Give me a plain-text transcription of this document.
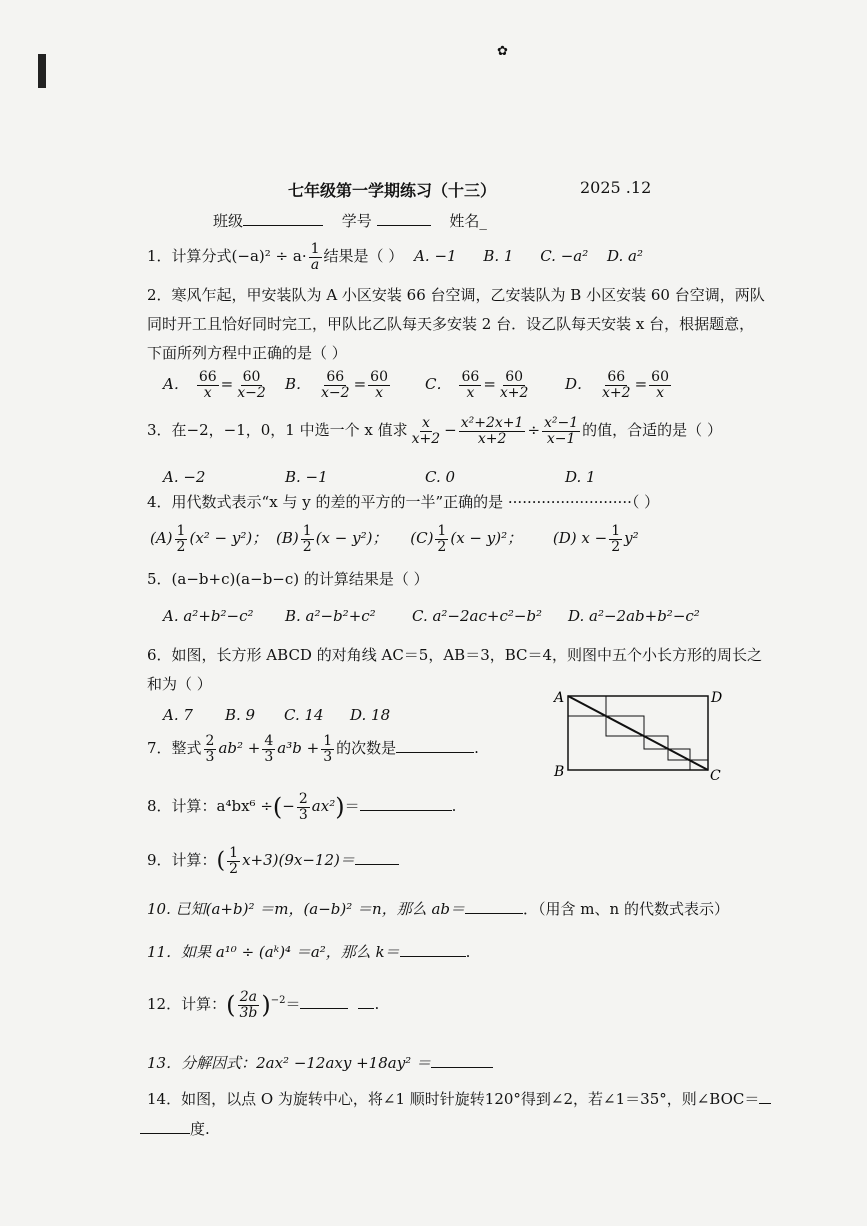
✿
七年级第一学期练习（十三）	2025 .12
班级	学号	姓名_
1．计算分式$(-a)^2 \div a\cdot \frac{1}{a}$ 结果是（ ） A. −1 B. 1 C. −a² D. a²
2．寒风乍起，甲安装队为 A 小区安装 66 台空调，乙安装队为 B 小区安装 60 台空调，两队
同时开工且恰好同时完工，甲队比乙队每天多安装 2 台．设乙队每天安装 x 台，根据题意，
下面所列方程中正确的是（ ）
A． $\frac{66}{x} = \frac{60}{x-2}$ B． $\frac{66}{x-2} = \frac{60}{x}$ C． $\frac{66}{x} = \frac{60}{x+2}$ D． $\frac{66}{x+2} = \frac{60}{x}$
3．在−2，−1，0，1 中选一个 x 值求 $\frac{x}{x+2} - \frac{\text{x²+2x+1}}{x+2} \div \frac{\text{x²−1}}{x-1}$ 的值，合适的是（ ）
A. −2	B. −1	C. 0	D. 1
4．用代数式表示“x 与 y 的差的平方的一半”正确的是 ··························（ ）
$(A) \frac{1}{2} (x^2 - y^2)$； $(B) \frac{1}{2} (x - y^2)$； $(C) \frac{1}{2} (x - y)^2$； (D) $x - \frac{1}{2} y^2$
5．(a−b+c)(a−b−c) 的计算结果是（ ）
A. a²+b²−c² B. a²−b²+c² C. a²−2ac+c²−b² D. a²−2ab+b²−c²
6．如图，长方形 ABCD 的对角线 AC＝5，AB＝3，BC＝4，则图中五个小长方形的周长之
和为（ ）
A. 7 B. 9 C. 14 D. 18
A	D
B	C
7．整式 $\frac{2}{3} ab^2 + \frac{4}{3} a^3b + \frac{1}{3}$ 的次数是	.
8．计算：a⁴bx⁶ ÷(− $\frac{2}{3} ax^2)=$	.
9．计算：( $\frac{1}{2} x+3)(9x-12)=$
10. 已知(a+b)² ＝m，(a−b)² ＝n，那么 ab＝	．（用含 m、n 的代数式表示）
11．如果 a¹⁰ ÷ (aᵏ)⁴ ＝a²，那么 k＝	.
12．计算：( $\frac{2a}{3b} )^{-2}=$	.
13．分解因式：2ax² −12axy +18ay² ＝
14．如图，以点 O 为旋转中心，将∠1 顺时针旋转120°得到∠2，若∠1＝35°，则∠BOC＝
度.
